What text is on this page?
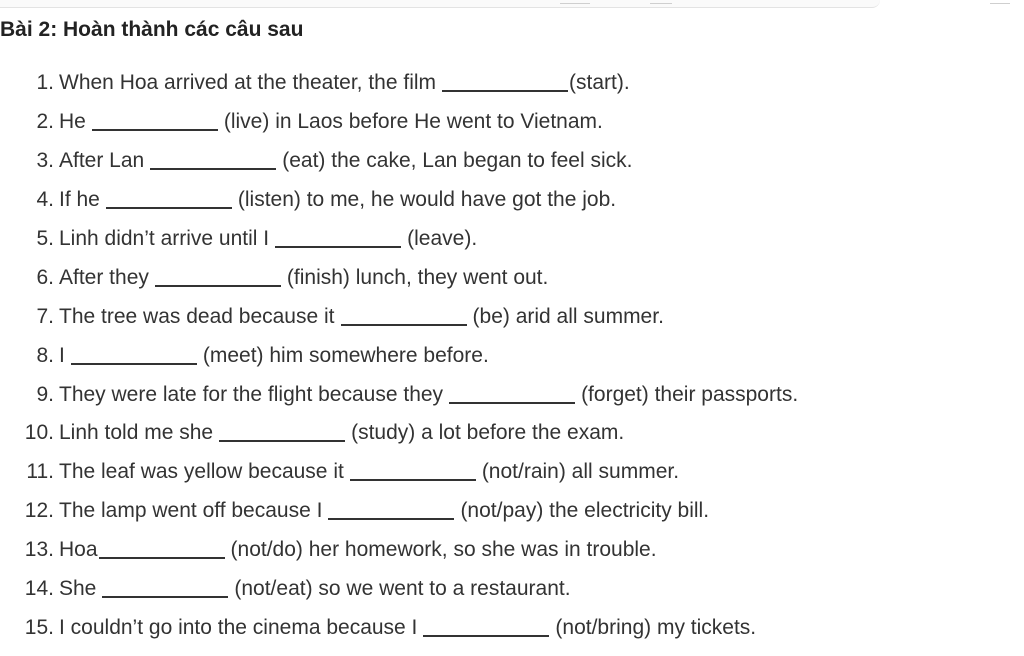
Bài 2: Hoàn thành các câu sau
1. When Hoa arrived at the theater, the film	(start).
2. He	(live) in Laos before He went to Vietnam.
3. After Lan	(eat) the cake, Lan began to feel sick.
4. If he	(listen) to me, he would have got the job.
5. Linh didn’t arrive until I	(leave).
6. After they	(finish) lunch, they went out.
7. The tree was dead because it	(be) arid all summer.
8. I	(meet) him somewhere before.
9. They were late for the flight because they	(forget) their passports.
10. Linh told me she	(study) a lot before the exam.
11. The leaf was yellow because it	(not/rain) all summer.
12. The lamp went off because I	(not/pay) the electricity bill.
13. Hoa	(not/do) her homework, so she was in trouble.
14. She	(not/eat) so we went to a restaurant.
15. I couldn’t go into the cinema because I	(not/bring) my tickets.
